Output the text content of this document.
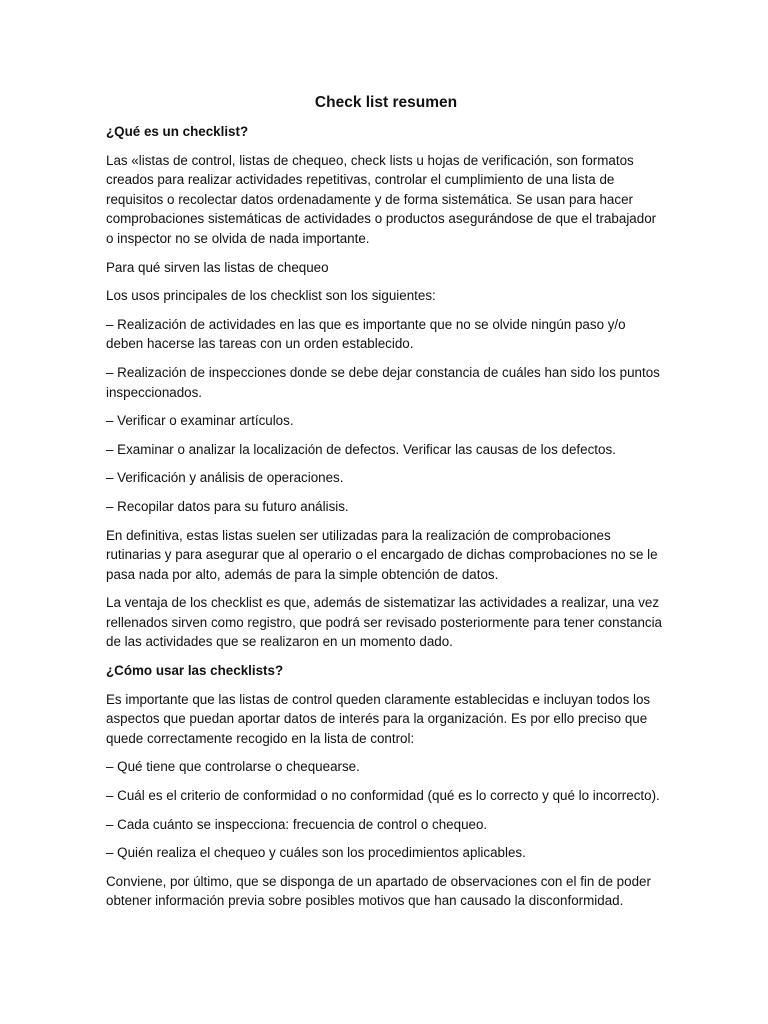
Check list resumen
¿Qué es un checklist?
Las «listas de control, listas de chequeo, check lists u hojas de verificación, son formatos creados para realizar actividades repetitivas, controlar el cumplimiento de una lista de requisitos o recolectar datos ordenadamente y de forma sistemática. Se usan para hacer comprobaciones sistemáticas de actividades o productos asegurándose de que el trabajador o inspector no se olvida de nada importante.
Para qué sirven las listas de chequeo
Los usos principales de los checklist son los siguientes:
– Realización de actividades en las que es importante que no se olvide ningún paso y/o deben hacerse las tareas con un orden establecido.
– Realización de inspecciones donde se debe dejar constancia de cuáles han sido los puntos inspeccionados.
– Verificar o examinar artículos.
– Examinar o analizar la localización de defectos. Verificar las causas de los defectos.
– Verificación y análisis de operaciones.
– Recopilar datos para su futuro análisis.
En definitiva, estas listas suelen ser utilizadas para la realización de comprobaciones rutinarias y para asegurar que al operario o el encargado de dichas comprobaciones no se le pasa nada por alto, además de para la simple obtención de datos.
La ventaja de los checklist es que, además de sistematizar las actividades a realizar, una vez rellenados sirven como registro, que podrá ser revisado posteriormente para tener constancia de las actividades que se realizaron en un momento dado.
¿Cómo usar las checklists?
Es importante que las listas de control queden claramente establecidas e incluyan todos los aspectos que puedan aportar datos de interés para la organización. Es por ello preciso que quede correctamente recogido en la lista de control:
– Qué tiene que controlarse o chequearse.
– Cuál es el criterio de conformidad o no conformidad (qué es lo correcto y qué lo incorrecto).
– Cada cuánto se inspecciona: frecuencia de control o chequeo.
– Quién realiza el chequeo y cuáles son los procedimientos aplicables.
Conviene, por último, que se disponga de un apartado de observaciones con el fin de poder obtener información previa sobre posibles motivos que han causado la disconformidad.
